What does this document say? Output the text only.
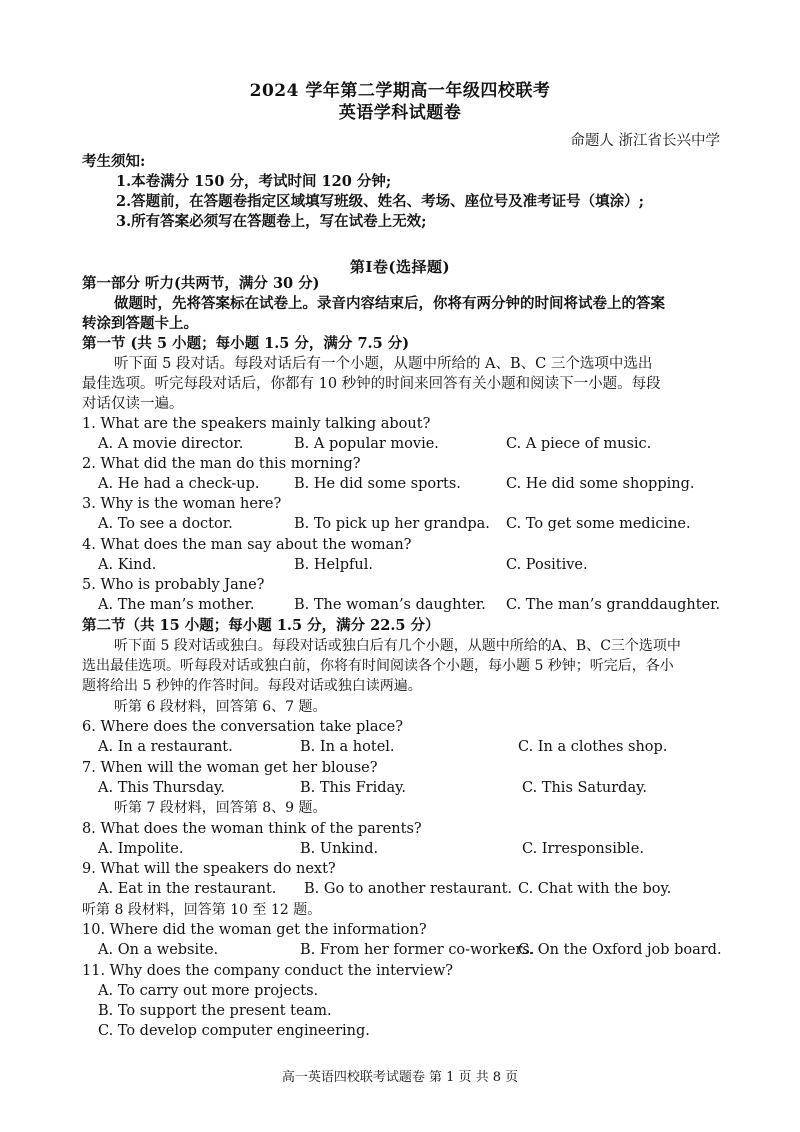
2024 学年第二学期高一年级四校联考
英语学科试题卷
命题人 浙江省长兴中学
考生须知:
1.本卷满分 150 分，考试时间 120 分钟;
2.答题前，在答题卷指定区域填写班级、姓名、考场、座位号及准考证号（填涂）;
3.所有答案必须写在答题卷上，写在试卷上无效;
第Ⅰ卷(选择题)
第一部分 听力(共两节，满分 30 分)
做题时，先将答案标在试卷上。录音内容结束后，你将有两分钟的时间将试卷上的答案
转涂到答题卡上。
第一节 (共 5 小题；每小题 1.5 分，满分 7.5 分)
听下面 5 段对话。每段对话后有一个小题，从题中所给的 A、B、C 三个选项中选出
最佳选项。听完每段对话后，你都有 10 秒钟的时间来回答有关小题和阅读下一小题。每段
对话仅读一遍。
1. What are the speakers mainly talking about?
A. A movie director.	B. A popular movie.	C. A piece of music.
2. What did the man do this morning?
A. He had a check-up. B. He did some sports.	C. He did some shopping.
3. Why is the woman here?
A. To see a doctor.	B. To pick up her grandpa. C. To get some medicine.
4. What does the man say about the woman?
A. Kind.	B. Helpful.	C. Positive.
5. Who is probably Jane?
A. The man’s mother.	B. The woman’s daughter. C. The man’s granddaughter.
第二节（共 15 小题；每小题 1.5 分，满分 22.5 分）
听下面 5 段对话或独白。每段对话或独白后有几个小题，从题中所给的A、B、C三个选项中
选出最佳选项。听每段对话或独白前，你将有时间阅读各个小题，每小题 5 秒钟；听完后，各小
题将给出 5 秒钟的作答时间。每段对话或独白读两遍。
听第 6 段材料，回答第 6、7 题。
6. Where does the conversation take place?
A. In a restaurant.	B. In a hotel.	C. In a clothes shop.
7. When will the woman get her blouse?
A. This Thursday.	B. This Friday.	C. This Saturday.
听第 7 段材料，回答第 8、9 题。
8. What does the woman think of the parents?
A. Impolite.	B. Unkind.	C. Irresponsible.
9. What will the speakers do next?
A. Eat in the restaurant. B. Go to another restaurant. C. Chat with the boy.
听第 8 段材料，回答第 10 至 12 题。
10. Where did the woman get the information?
A. On a website.	B. From her former co-workers.
C. On the Oxford job board.
11. Why does the company conduct the interview?
A. To carry out more projects.
B. To support the present team.
C. To develop computer engineering.
高一英语四校联考试题卷 第 1 页 共 8 页
